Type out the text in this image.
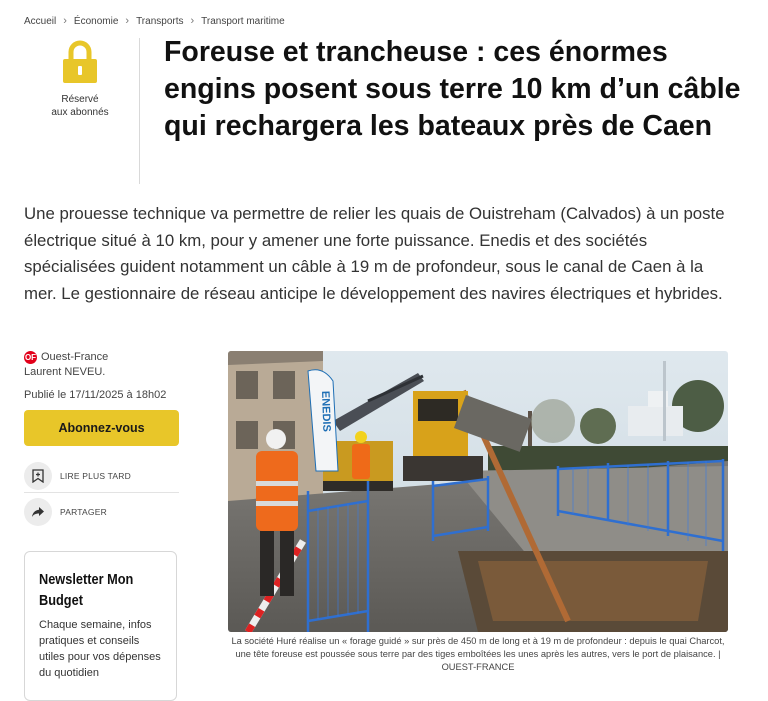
Accueil › Économie › Transports › Transport maritime
Réservé
aux abonnés
Foreuse et trancheuse : ces énormes engins posent sous terre 10 km d’un câble qui rechargera les bateaux près de Caen

Une prouesse technique va permettre de relier les quais de Ouistreham (Calvados) à un poste électrique situé à 10 km, pour y amener une forte puissance. Enedis et des sociétés spécialisées guident notamment un câble à 19 m de profondeur, sous le canal de Caen à la mer. Le gestionnaire de réseau anticipe le développement des navires électriques et hybrides.

OF Ouest-France
Laurent NEVEU.
Publié le 17/11/2025 à 18h02
Abonnez-vous
LIRE PLUS TARD
PARTAGER
Newsletter Mon Budget
Chaque semaine, infos pratiques et conseils utiles pour vos dépenses du quotidien
ENEDIS
La société Huré réalise un « forage guidé » sur près de 450 m de long et à 19 m de profondeur : depuis le quai Charcot, une tête foreuse est poussée sous terre par des tiges emboîtées les unes après les autres, vers le port de plaisance. | OUEST-FRANCE
